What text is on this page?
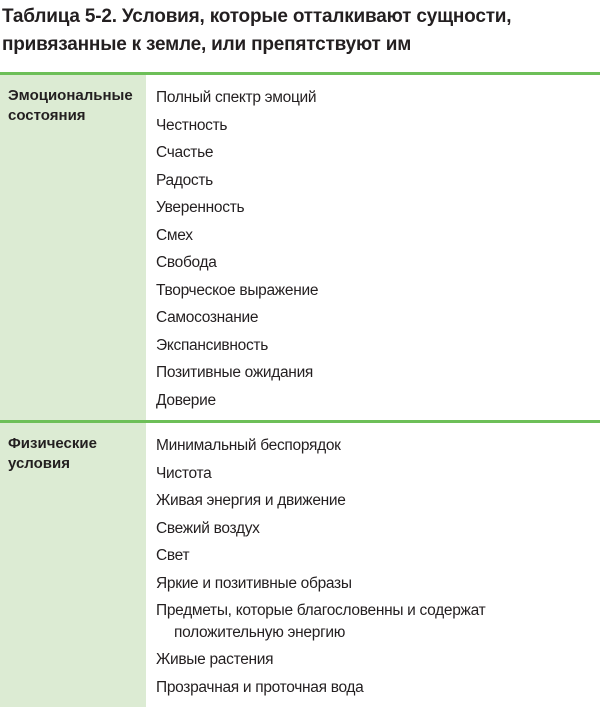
Таблица 5-2. Условия, которые отталкивают сущности,
привязанные к земле, или препятствуют им
Эмоциональные
состояния
Полный спектр эмоций
Честность
Счастье
Радость
Уверенность
Смех
Свобода
Творческое выражение
Самосознание
Экспансивность
Позитивные ожидания
Доверие
Физические
условия
Минимальный беспорядок
Чистота
Живая энергия и движение
Свежий воздух
Свет
Яркие и позитивные образы
Предметы, которые благословенны и содержат
положительную энергию
Живые растения
Прозрачная и проточная вода
